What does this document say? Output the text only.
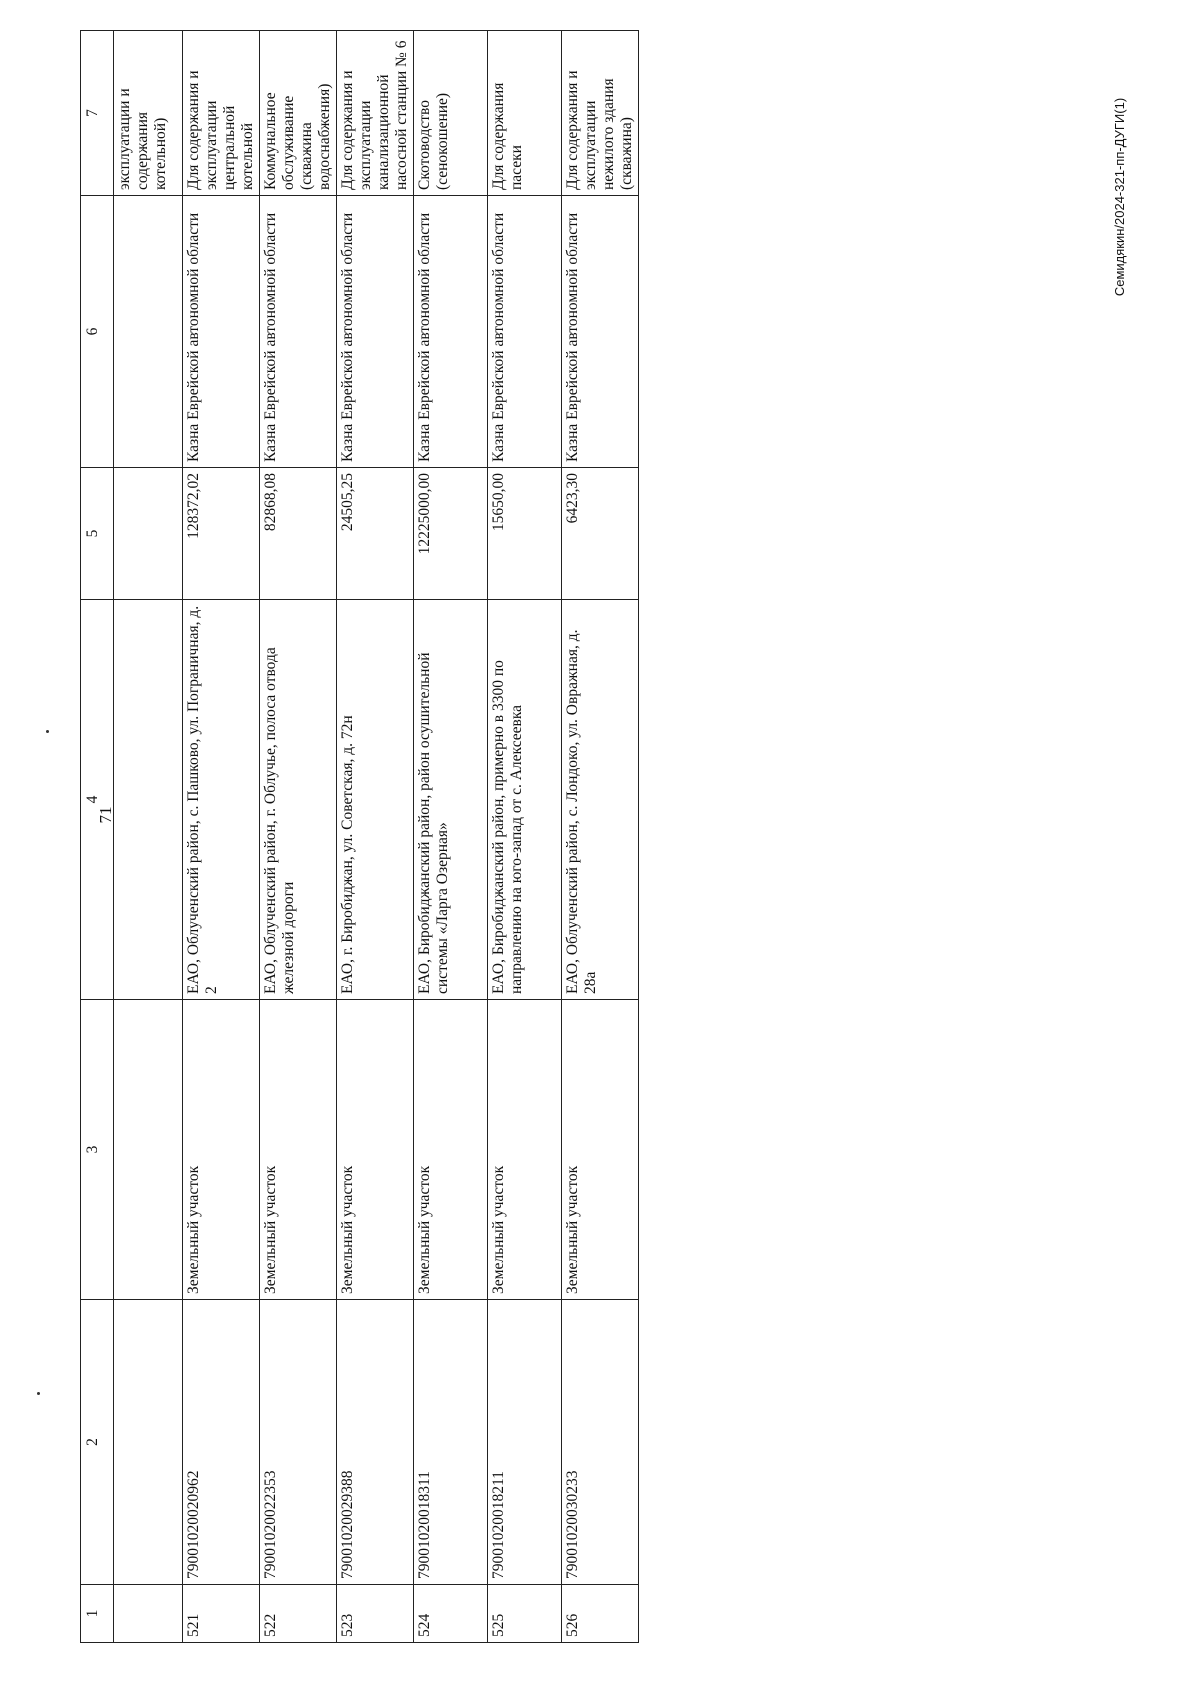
71
Семидякин/2024-321-пп-ДУГИ(1)
1	2	3	4	5	6	7
						эксплуатации и содержания котельной)
521	79001020020962	Земельный участок	ЕАО, Облученский район, с. Пашково, ул. Пограничная, д. 2	128372,02	Казна Еврейской автономной области	Для содержания и эксплуатации центральной котельной
522	79001020022353	Земельный участок	ЕАО, Облученский район, г. Облучье, полоса отвода железной дороги	82868,08	Казна Еврейской автономной области	Коммунальное обслуживание (скважина водоснабжения)
523	79001020029388	Земельный участок	ЕАО, г. Биробиджан, ул. Советская, д. 72н	24505,25	Казна Еврейской автономной области	Для содержания и эксплуатации канализационной насосной станции № 6
524	79001020018311	Земельный участок	ЕАО, Биробиджанский район, район осушительной системы «Ларга Озерная»	12225000,00	Казна Еврейской автономной области	Скотоводство (сенокошение)
525	79001020018211	Земельный участок	ЕАО, Биробиджанский район, примерно в 3300 по направлению на юго-запад от с. Алексеевка	15650,00	Казна Еврейской автономной области	Для содержания пасеки
526	79001020030233	Земельный участок	ЕАО, Облученский район, с. Лондоко, ул. Овражная, д. 28а	6423,30	Казна Еврейской автономной области	Для содержания и эксплуатации нежилого здания (скважина)
